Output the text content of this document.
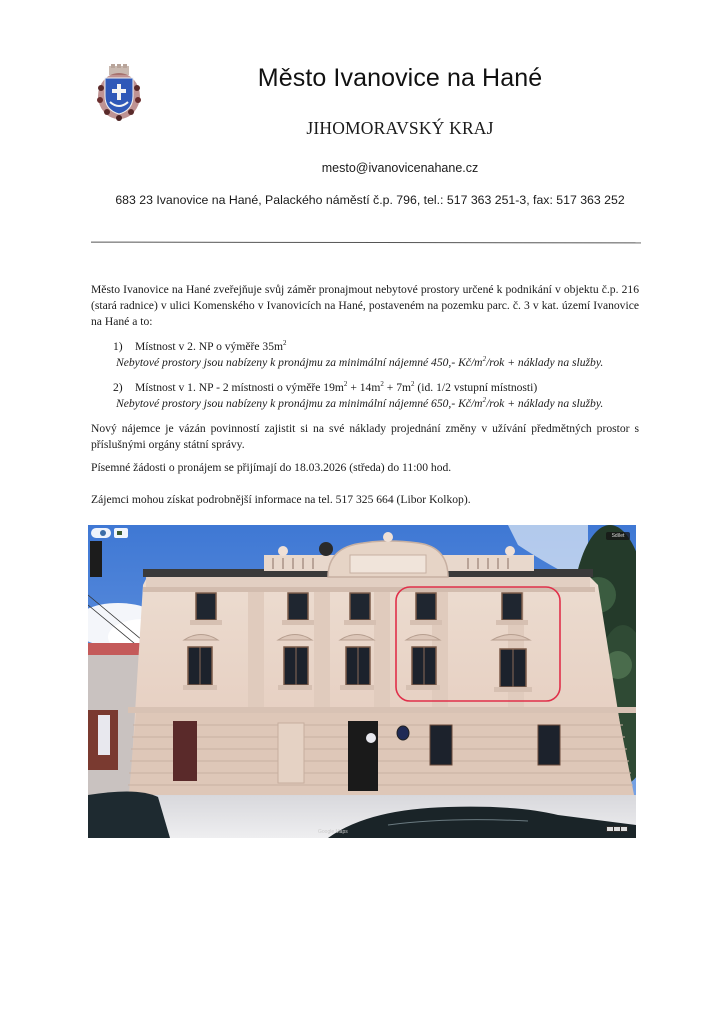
Město Ivanovice na Hané
JIHOMORAVSKÝ KRAJ
mesto@ivanovicenahane.cz
683 23 Ivanovice na Hané, Palackého náměstí č.p. 796, tel.: 517 363 251-3, fax: 517 363 252
Město Ivanovice na Hané zveřejňuje svůj záměr pronajmout nebytové prostory určené k podnikání v objektu č.p. 216 (stará radnice) v ulici Komenského v Ivanovicích na Hané, postaveném na pozemku parc. č. 3 v kat. území Ivanovice na Hané a to:
1) Místnost v 2. NP o výměře $35m^2$
Nebytové prostory jsou nabízeny k pronájmu za minimální nájemné 450,- $Kč/m^2$/rok + náklady na služby.
2) Místnost v 1. NP - 2 místnosti o výměře $19m^2 + 14m^2 + 7m^2$ (id. 1/2 vstupní místnosti)
Nebytové prostory jsou nabízeny k pronájmu za minimální nájemné 650,- $Kč/m^2$/rok + náklady na služby.
Nový nájemce je vázán povinností zajistit si na své náklady projednání změny v užívání předmětných prostor s příslušnými orgány státní správy.
Písemné žádosti o pronájem se přijímají do 18.03.2026 (středa) do 11:00 hod.
Zájemci mohou získat podrobnější informace na tel. 517 325 664 (Libor Kolkop).
Sdílet
Google Maps
